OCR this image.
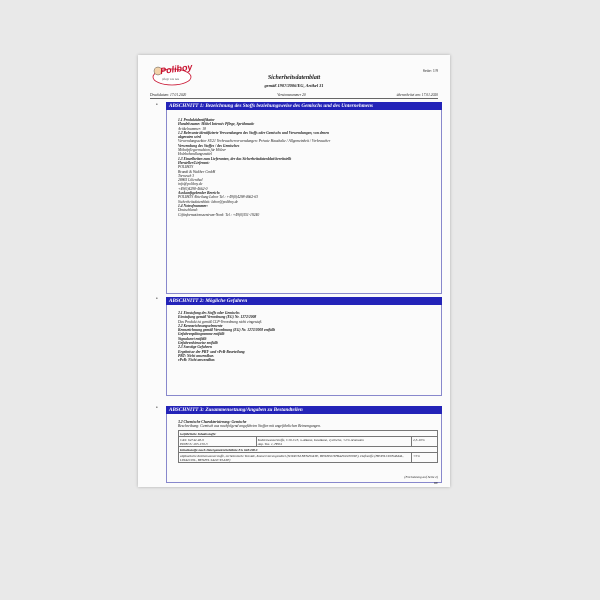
Poliboy
pflegt wie neu
Seite: 1/9
Sicherheitsdatenblatt
gemäß 1907/2006/EG, Artikel 31
Druckdatum: 17.01.2020	Versionsnummer 20	überarbeitet am: 17.01.2020
•	ABSCHNITT 1: Bezeichnung des Stoffs beziehungsweise des Gemischs und des Unternehmens
1.1 Produktidentifikator
Handelsname: Möbel Intensiv Pflege, Sprühmatic
Artikelnummer: 18
1.2 Relevante identifizierte Verwendungen des Stoffs oder Gemischs und Verwendungen, von denen
abgeraten wird
Verwendungssektor SU21 Verbraucherverwendungen: Private Haushalte / Allgemeinheit / Verbraucher
Verwendung des Stoffes / des Gemisches
Möbelpflegeemulsion für Hölzer
Holzbehandlungsmittel
1.3 Einzelheiten zum Lieferanten, der das Sicherheitsdatenblatt bereitstellt
Hersteller/Lieferant:
POLIBOY
Brandt & Walther GmbH
Tornesch 3
28865 Lilienthal
info@poliboy.de
+49(0)4298-4662-0
Auskunftgebender Bereich:
POLIBOY Abteilung Labor Tel.: +49(0)4298-4662-63
Sicherheitsdatenblatt: labor@poliboy.de
1.4 Notrufnummer:
Deutschland:
Giftinformationszentrum-Nord: Tel.: +49(0)551-19240
•	ABSCHNITT 2: Mögliche Gefahren
2.1 Einstufung des Stoffs oder Gemischs
Einstufung gemäß Verordnung (EG) Nr. 1272/2008
Das Produkt ist gemäß CLP-Verordnung nicht eingestuft.
2.2 Kennzeichnungselemente
Kennzeichnung gemäß Verordnung (EG) Nr. 1272/2008 entfällt
Gefahrenpiktogramme entfällt
Signalwort entfällt
Gefahrenhinweise entfällt
2.3 Sonstige Gefahren
Ergebnisse der PBT- und vPvB-Beurteilung
PBT: Nicht anwendbar.
vPvB: Nicht anwendbar.
•	ABSCHNITT 3: Zusammensetzung/Angaben zu Bestandteilen
3.2 Chemische Charakterisierung: Gemische
Beschreibung: Gemisch aus nachfolgend angeführten Stoffen mit ungefährlichen Beimengungen.
Gefährliche Inhaltsstoffe:		
CAS: 64742-48-9
EINECS: 265-150-3	Kohlenwasserstoffe, C10-C13, n-Alkane, Isoalkane, cyclische, <2% Aromaten
Asp. Tox. 1, H304	2,5-10%
Inhaltsstoffe nach Detergenzienrichtlinie EG 648/2004:		
aliphatische Kohlenwasserstoffe, nichtionische Tenside, Konservierungsmittel (SODIUM BENZOATE, BENZISOTHIAZOLINONE), Duftstoffe (HEXYLCINNAMAL, LINALOOL, BENZYL SALICYLATE)		<5%
(Fortsetzung auf Seite 2)
DE
